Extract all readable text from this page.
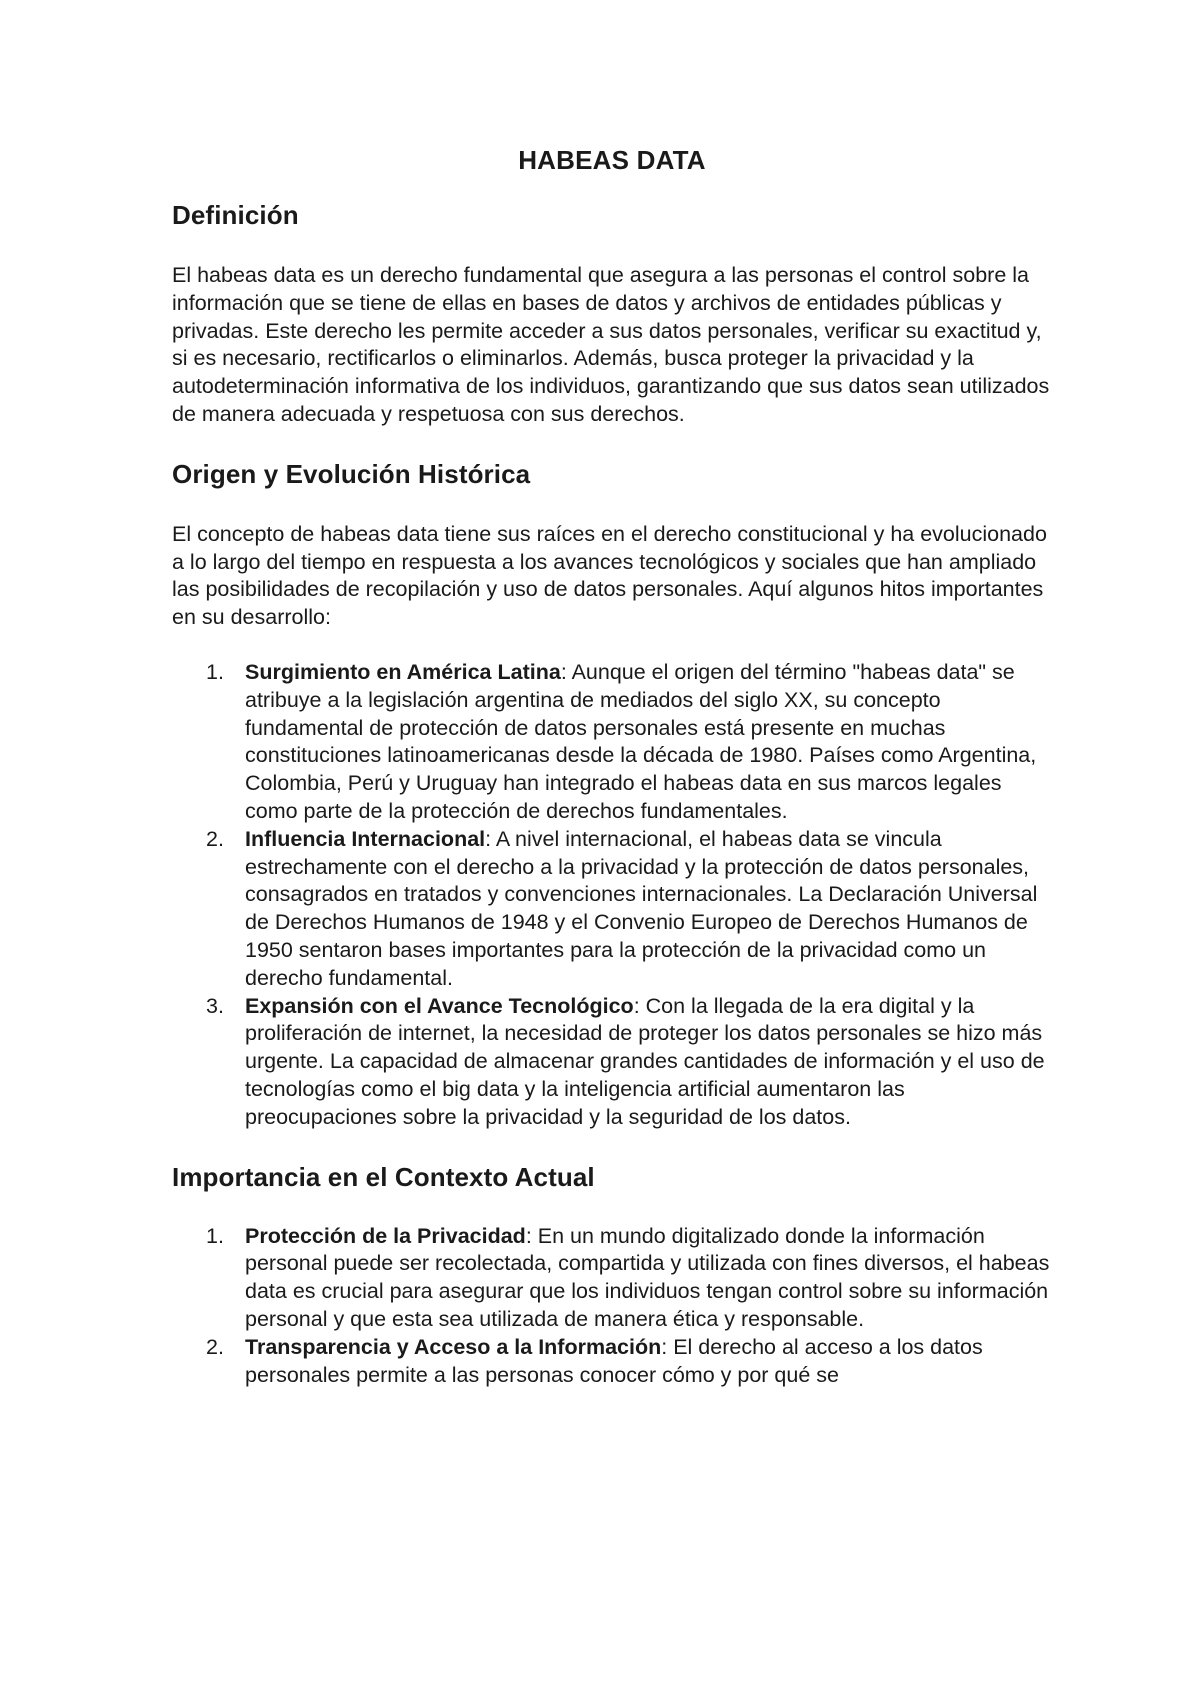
HABEAS DATA
Definición

El habeas data es un derecho fundamental que asegura a las personas el control sobre la información que se tiene de ellas en bases de datos y archivos de entidades públicas y privadas. Este derecho les permite acceder a sus datos personales, verificar su exactitud y, si es necesario, rectificarlos o eliminarlos. Además, busca proteger la privacidad y la autodeterminación informativa de los individuos, garantizando que sus datos sean utilizados de manera adecuada y respetuosa con sus derechos.

Origen y Evolución Histórica

El concepto de habeas data tiene sus raíces en el derecho constitucional y ha evolucionado a lo largo del tiempo en respuesta a los avances tecnológicos y sociales que han ampliado las posibilidades de recopilación y uso de datos personales. Aquí algunos hitos importantes en su desarrollo:

1. Surgimiento en América Latina: Aunque el origen del término "habeas data" se atribuye a la legislación argentina de mediados del siglo XX, su concepto fundamental de protección de datos personales está presente en muchas constituciones latinoamericanas desde la década de 1980. Países como Argentina, Colombia, Perú y Uruguay han integrado el habeas data en sus marcos legales como parte de la protección de derechos fundamentales.
2. Influencia Internacional: A nivel internacional, el habeas data se vincula estrechamente con el derecho a la privacidad y la protección de datos personales, consagrados en tratados y convenciones internacionales. La Declaración Universal de Derechos Humanos de 1948 y el Convenio Europeo de Derechos Humanos de 1950 sentaron bases importantes para la protección de la privacidad como un derecho fundamental.
3. Expansión con el Avance Tecnológico: Con la llegada de la era digital y la proliferación de internet, la necesidad de proteger los datos personales se hizo más urgente. La capacidad de almacenar grandes cantidades de información y el uso de tecnologías como el big data y la inteligencia artificial aumentaron las preocupaciones sobre la privacidad y la seguridad de los datos.
Importancia en el Contexto Actual
1. Protección de la Privacidad: En un mundo digitalizado donde la información personal puede ser recolectada, compartida y utilizada con fines diversos, el habeas data es crucial para asegurar que los individuos tengan control sobre su información personal y que esta sea utilizada de manera ética y responsable.
2. Transparencia y Acceso a la Información: El derecho al acceso a los datos personales permite a las personas conocer cómo y por qué se
